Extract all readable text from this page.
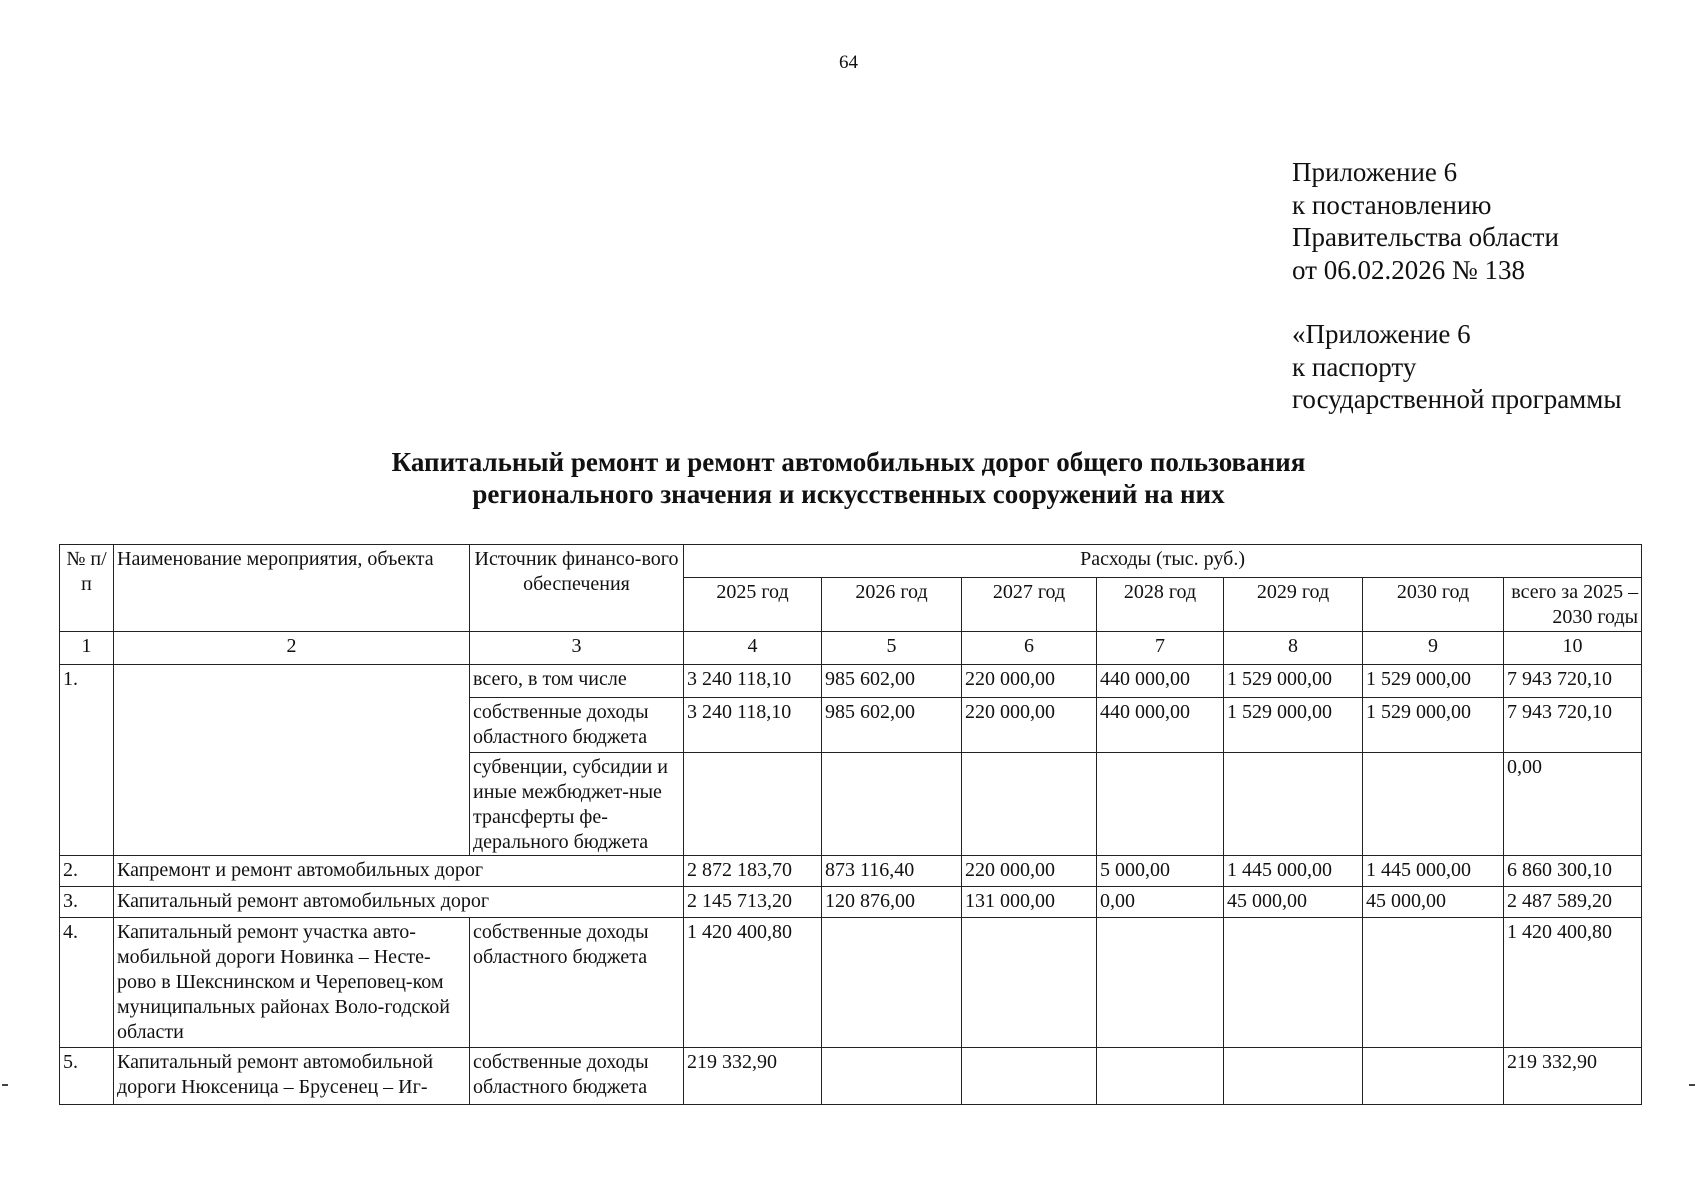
64
Приложение 6
к постановлению
Правительства области
от 06.02.2026 № 138
«Приложение 6
к паспорту
государственной программы
Капитальный ремонт и ремонт автомобильных дорог общего пользования
регионального значения и искусственных сооружений на них
№ п/п	Наименование мероприятия, объекта	Источник финансо-вого обеспечения	Расходы (тыс. руб.)						
			2025 год	2026 год	2027 год	2028 год	2029 год	2030 год	всего за 2025 – 2030 годы
1	2	3	4	5	6	7	8	9	10
1.		всего, в том числе	3 240 118,10	985 602,00	220 000,00	440 000,00	1 529 000,00	1 529 000,00	7 943 720,10
		собственные доходы областного бюджета	3 240 118,10	985 602,00	220 000,00	440 000,00	1 529 000,00	1 529 000,00	7 943 720,10
		субвенции, субсидии и иные межбюджет-ные трансферты фе-дерального бюджета							0,00
2.	Капремонт и ремонт автомобильных дорог		2 872 183,70	873 116,40	220 000,00	5 000,00	1 445 000,00	1 445 000,00	6 860 300,10
3.	Капитальный ремонт автомобильных дорог		2 145 713,20	120 876,00	131 000,00	0,00	45 000,00	45 000,00	2 487 589,20
4.	Капитальный ремонт участка авто-мобильной дороги Новинка – Несте-рово в Шекснинском и Череповец-ком муниципальных районах Воло-годской области	собственные доходы областного бюджета	1 420 400,80						1 420 400,80
5.	Капитальный ремонт автомобильной дороги Нюксеница – Брусенец – Иг-	собственные доходы областного бюджета	219 332,90						219 332,90
